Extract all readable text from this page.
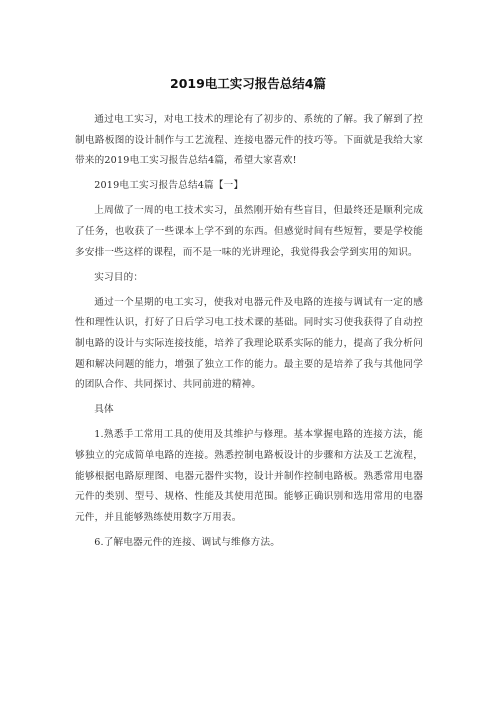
2019电工实习报告总结4篇

通过电工实习，对电工技术的理论有了初步的、系统的了解。我了解到了控制电路板图的设计制作与工艺流程、连接电器元件的技巧等。下面就是我给大家带来的2019电工实习报告总结4篇，希望大家喜欢!

2019电工实习报告总结4篇【一】

上周做了一周的电工技术实习，虽然刚开始有些盲目，但最终还是顺利完成了任务，也收获了一些课本上学不到的东西。但感觉时间有些短暂，要是学校能多安排一些这样的课程，而不是一味的光讲理论，我觉得我会学到实用的知识。

实习目的：

通过一个星期的电工实习，使我对电器元件及电路的连接与调试有一定的感性和理性认识，打好了日后学习电工技术课的基础。同时实习使我获得了自动控制电路的设计与实际连接技能，培养了我理论联系实际的能力，提高了我分析问题和解决问题的能力，增强了独立工作的能力。最主要的是培养了我与其他同学的团队合作、共同探讨、共同前进的精神。

具体

1.熟悉手工常用工具的使用及其维护与修理。基本掌握电路的连接方法，能够独立的完成简单电路的连接。熟悉控制电路板设计的步骤和方法及工艺流程，能够根据电路原理图、电器元器件实物，设计并制作控制电路板。熟悉常用电器元件的类别、型号、规格、性能及其使用范围。能够正确识别和选用常用的电器元件，并且能够熟练使用数字万用表。

6.了解电器元件的连接、调试与维修方法。
